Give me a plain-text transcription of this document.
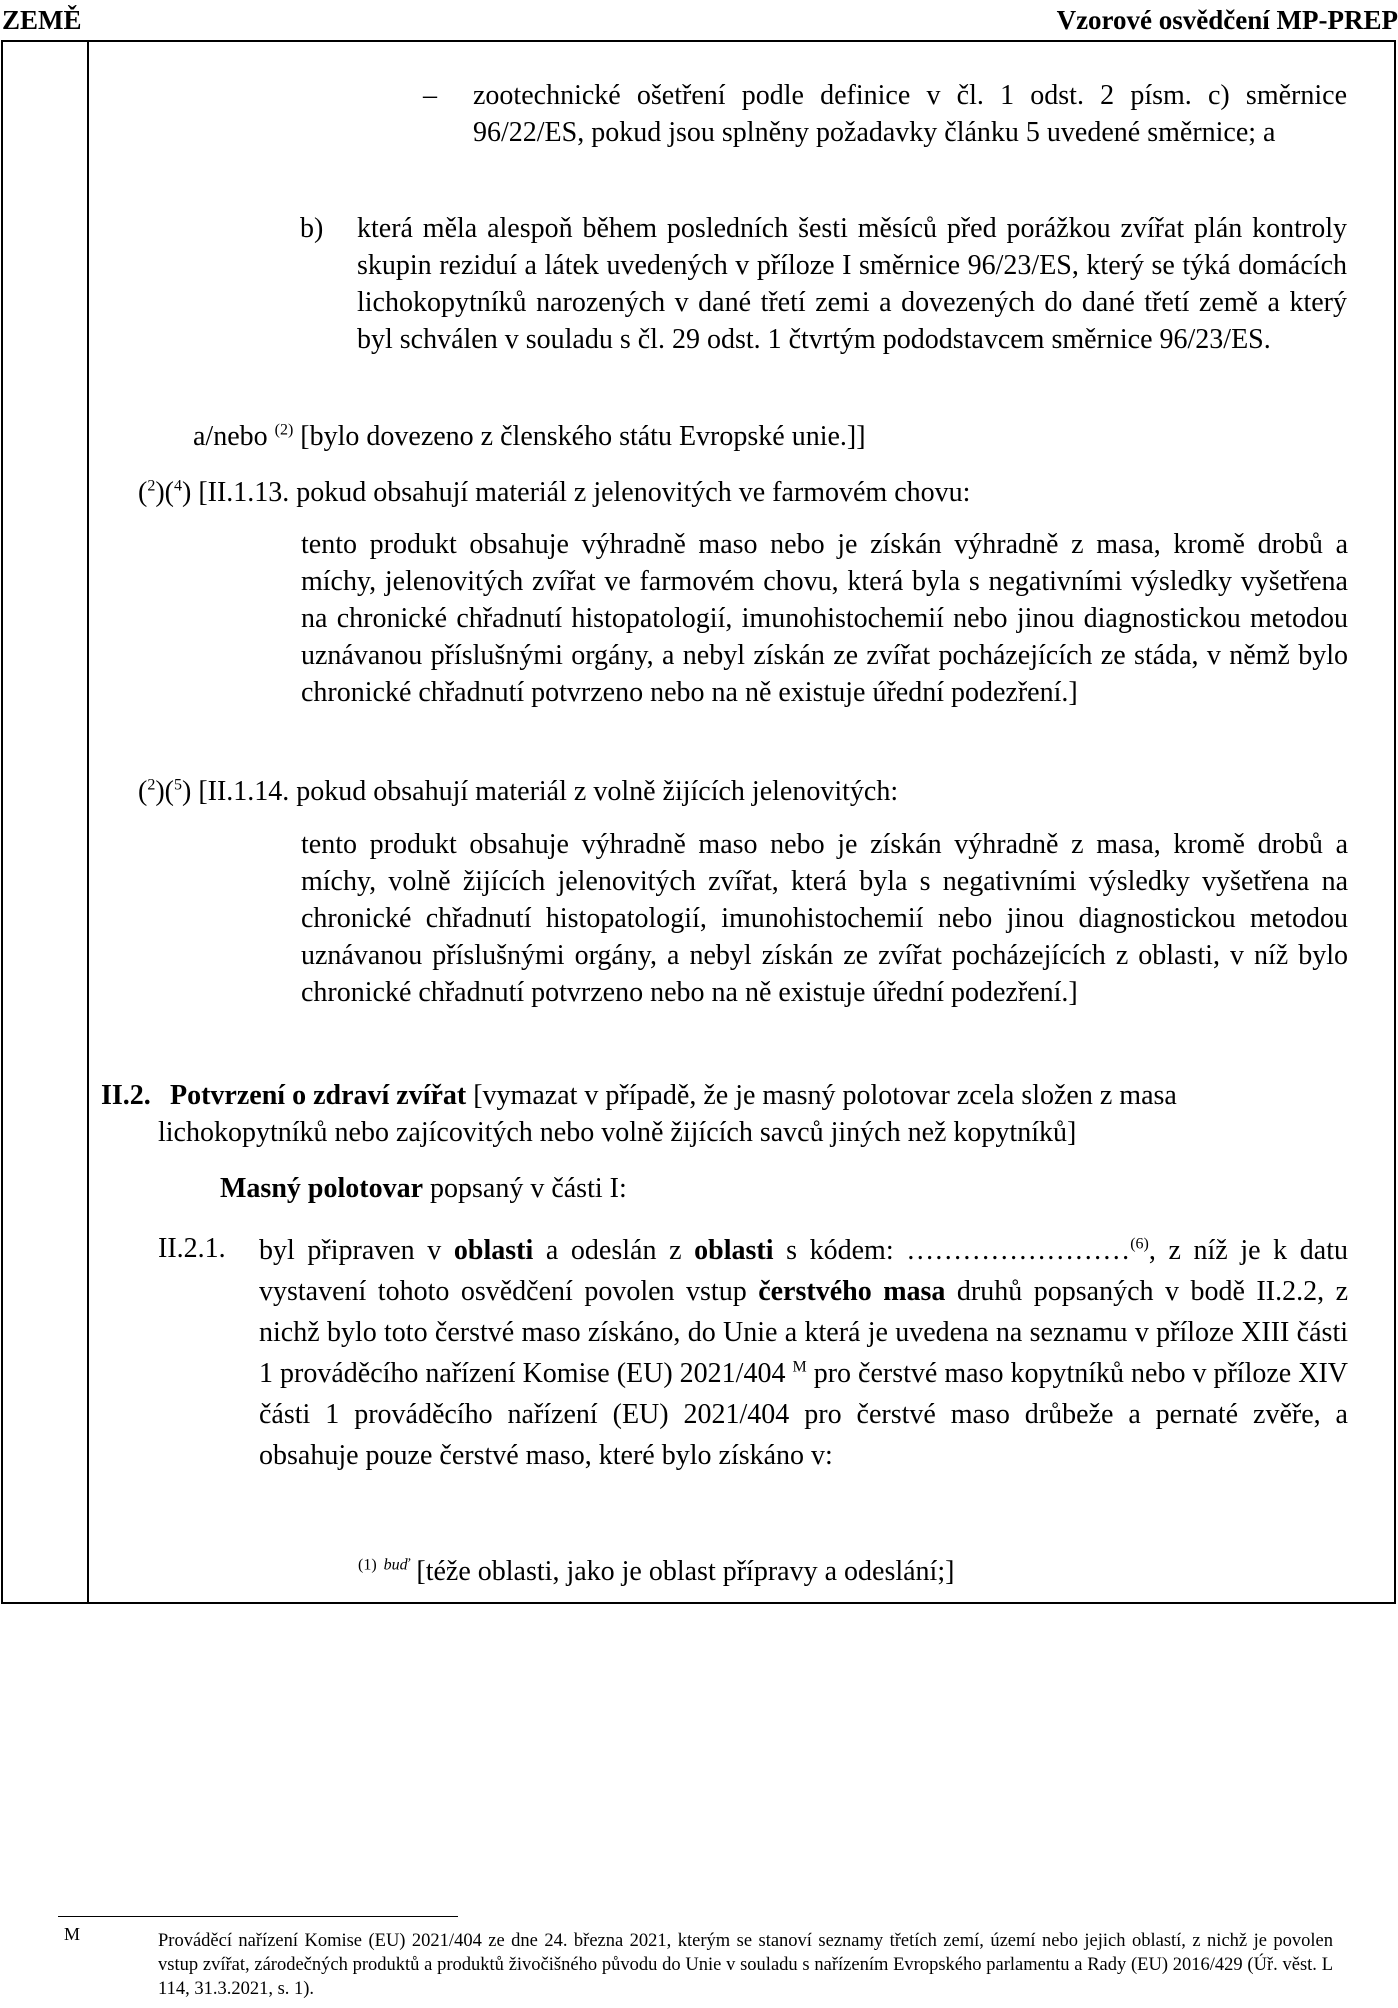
ZEMĚ	Vzorové osvědčení MP-PREP
– zootechnické ošetření podle definice v čl. 1 odst. 2 písm. c) směrnice 96/22/ES, pokud jsou splněny požadavky článku 5 uvedené směrnice; a

b) která měla alespoň během posledních šesti měsíců před porážkou zvířat plán kontroly skupin reziduí a látek uvedených v příloze I směrnice 96/23/ES, který se týká domácích lichokopytníků narozených v dané třetí zemi a dovezených do dané třetí země a který byl schválen v souladu s čl. 29 odst. 1 čtvrtým pododstavcem směrnice 96/23/ES.

a/nebo $^{(2)}$ [bylo dovezeno z členského státu Evropské unie.]]

($^2$)($^4$) [II.1.13. pokud obsahují materiál z jelenovitých ve farmovém chovu:

tento produkt obsahuje výhradně maso nebo je získán výhradně z masa, kromě drobů a míchy, jelenovitých zvířat ve farmovém chovu, která byla s negativními výsledky vyšetřena na chronické chřadnutí histopatologií, imunohistochemií nebo jinou diagnostickou metodou uznávanou příslušnými orgány, a nebyl získán ze zvířat pocházejících ze stáda, v němž bylo chronické chřadnutí potvrzeno nebo na ně existuje úřední podezření.]

($^2$)($^5$) [II.1.14. pokud obsahují materiál z volně žijících jelenovitých:

tento produkt obsahuje výhradně maso nebo je získán výhradně z masa, kromě drobů a míchy, volně žijících jelenovitých zvířat, která byla s negativními výsledky vyšetřena na chronické chřadnutí histopatologií, imunohistochemií nebo jinou diagnostickou metodou uznávanou příslušnými orgány, a nebyl získán ze zvířat pocházejících z oblasti, v níž bylo chronické chřadnutí potvrzeno nebo na ně existuje úřední podezření.]

II.2. Potvrzení o zdraví zvířat [vymazat v případě, že je masný polotovar zcela složen z masa lichokopytníků nebo zajícovitých nebo volně žijících savců jiných než kopytníků]

Masný polotovar popsaný v části I:

II.2.1. byl připraven v oblasti a odeslán z oblasti s kódem: ……………………$^{(6)}$, z níž je k datu vystavení tohoto osvědčení povolen vstup čerstvého masa druhů popsaných v bodě II.2.2, z nichž bylo toto čerstvé maso získáno, do Unie a která je uvedena na seznamu v příloze XIII části 1 prováděcího nařízení Komise (EU) 2021/404 $^M$ pro čerstvé maso kopytníků nebo v příloze XIV části 1 prováděcího nařízení (EU) 2021/404 pro čerstvé maso drůbeže a pernaté zvěře, a obsahuje pouze čerstvé maso, které bylo získáno v:

$^{(1)}$ $^{buď}$ [téže oblasti, jako je oblast přípravy a odeslání;]

M	Prováděcí nařízení Komise (EU) 2021/404 ze dne 24. března 2021, kterým se stanoví seznamy třetích zemí, území nebo jejich oblastí, z nichž je povolen vstup zvířat, zárodečných produktů a produktů živočišného původu do Unie v souladu s nařízením Evropského parlamentu a Rady (EU) 2016/429 (Úř. věst. L 114, 31.3.2021, s. 1).
